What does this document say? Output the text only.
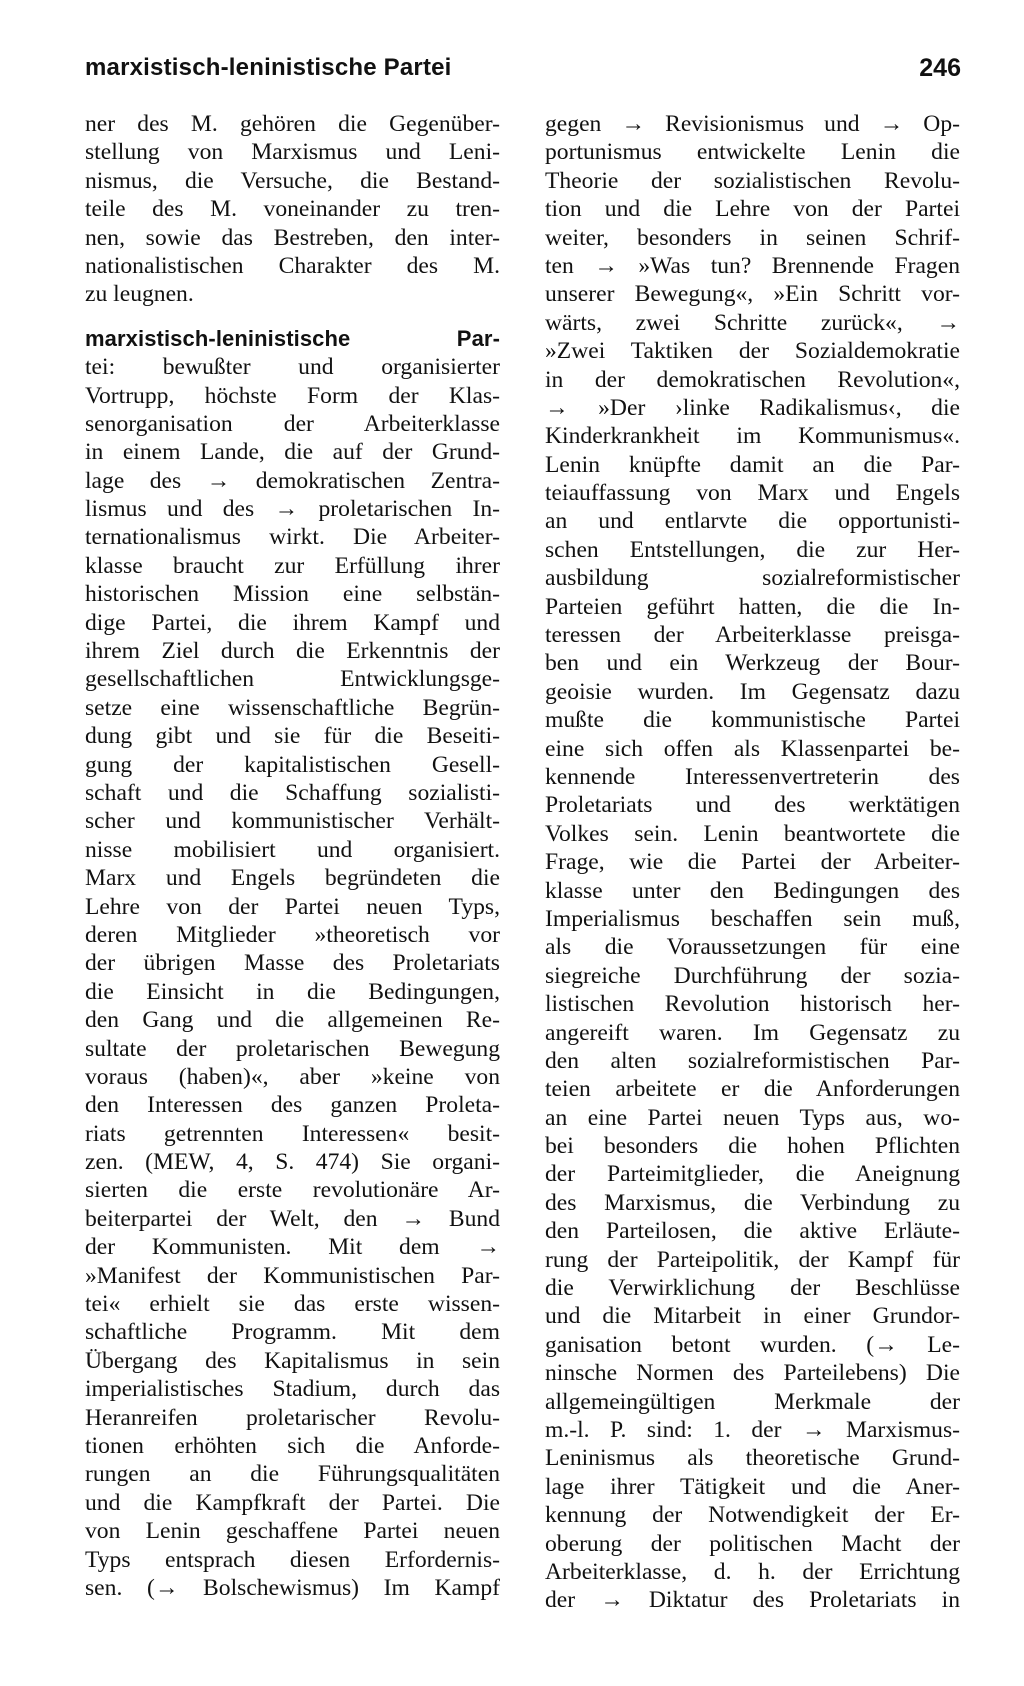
marxistisch-leninistische Partei	246
ner des M. gehören die Gegenüber-
stellung von Marxismus und Leni-
nismus, die Versuche, die Bestand-
teile des M. voneinander zu tren-
nen, sowie das Bestreben, den inter-
nationalistischen Charakter des M.
zu leugnen.
marxistisch-leninistische Par-
tei: bewußter und organisierter
Vortrupp, höchste Form der Klas-
senorganisation der Arbeiterklasse
in einem Lande, die auf der Grund-
lage des → demokratischen Zentra-
lismus und des → proletarischen In-
ternationalismus wirkt. Die Arbeiter-
klasse braucht zur Erfüllung ihrer
historischen Mission eine selbstän-
dige Partei, die ihrem Kampf und
ihrem Ziel durch die Erkenntnis der
gesellschaftlichen Entwicklungsge-
setze eine wissenschaftliche Begrün-
dung gibt und sie für die Beseiti-
gung der kapitalistischen Gesell-
schaft und die Schaffung sozialisti-
scher und kommunistischer Verhält-
nisse mobilisiert und organisiert.
Marx und Engels begründeten die
Lehre von der Partei neuen Typs,
deren Mitglieder »theoretisch vor
der übrigen Masse des Proletariats
die Einsicht in die Bedingungen,
den Gang und die allgemeinen Re-
sultate der proletarischen Bewegung
voraus (haben)«, aber »keine von
den Interessen des ganzen Proleta-
riats getrennten Interessen« besit-
zen. (MEW, 4, S. 474) Sie organi-
sierten die erste revolutionäre Ar-
beiterpartei der Welt, den → Bund
der Kommunisten. Mit dem →
»Manifest der Kommunistischen Par-
tei« erhielt sie das erste wissen-
schaftliche Programm. Mit dem
Übergang des Kapitalismus in sein
imperialistisches Stadium, durch das
Heranreifen proletarischer Revolu-
tionen erhöhten sich die Anforde-
rungen an die Führungsqualitäten
und die Kampfkraft der Partei. Die
von Lenin geschaffene Partei neuen
Typs entsprach diesen Erfordernis-
sen. (→ Bolschewismus) Im Kampf
gegen → Revisionismus und → Op-
portunismus entwickelte Lenin die
Theorie der sozialistischen Revolu-
tion und die Lehre von der Partei
weiter, besonders in seinen Schrif-
ten → »Was tun? Brennende Fragen
unserer Bewegung«, »Ein Schritt vor-
wärts, zwei Schritte zurück«, →
»Zwei Taktiken der Sozialdemokratie
in der demokratischen Revolution«,
→ »Der ›linke Radikalismus‹, die
Kinderkrankheit im Kommunismus«.
Lenin knüpfte damit an die Par-
teiauffassung von Marx und Engels
an und entlarvte die opportunisti-
schen Entstellungen, die zur Her-
ausbildung sozialreformistischer
Parteien geführt hatten, die die In-
teressen der Arbeiterklasse preisga-
ben und ein Werkzeug der Bour-
geoisie wurden. Im Gegensatz dazu
mußte die kommunistische Partei
eine sich offen als Klassenpartei be-
kennende Interessenvertreterin des
Proletariats und des werktätigen
Volkes sein. Lenin beantwortete die
Frage, wie die Partei der Arbeiter-
klasse unter den Bedingungen des
Imperialismus beschaffen sein muß,
als die Voraussetzungen für eine
siegreiche Durchführung der sozia-
listischen Revolution historisch her-
angereift waren. Im Gegensatz zu
den alten sozialreformistischen Par-
teien arbeitete er die Anforderungen
an eine Partei neuen Typs aus, wo-
bei besonders die hohen Pflichten
der Parteimitglieder, die Aneignung
des Marxismus, die Verbindung zu
den Parteilosen, die aktive Erläute-
rung der Parteipolitik, der Kampf für
die Verwirklichung der Beschlüsse
und die Mitarbeit in einer Grundor-
ganisation betont wurden. (→ Le-
ninsche Normen des Parteilebens) Die
allgemeingültigen Merkmale der
m.-l. P. sind: 1. der → Marxismus-
Leninismus als theoretische Grund-
lage ihrer Tätigkeit und die Aner-
kennung der Notwendigkeit der Er-
oberung der politischen Macht der
Arbeiterklasse, d. h. der Errichtung
der → Diktatur des Proletariats in
